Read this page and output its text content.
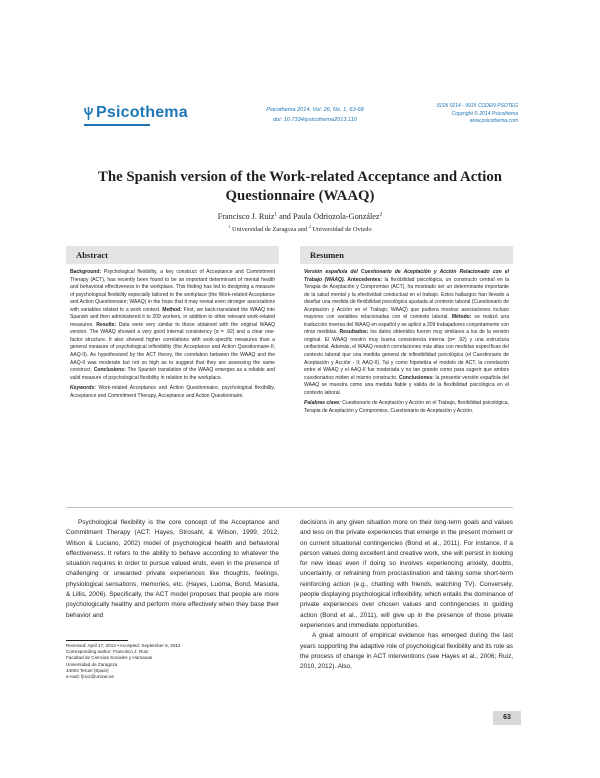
Psicothema	Psicothema 2014, Vol. 26, No. 1, 63-68
doi: 10.7334/psicothema2013.110
ISSN 0214 - 9915 CODEN PSOTEG
Copyright © 2014 Psicothema
www.psicothema.com
The Spanish version of the Work-related Acceptance and Action Questionnaire (WAAQ)
Francisco J. Ruiz$^1$ and Paula Odriozola-González$^2$
$^1$ Universidad de Zaragoza and $^2$ Universidad de Oviedo
Abstract

Background: Psychological flexibility, a key construct of Acceptance and Commitment Therapy (ACT), has recently been found to be an important determinant of mental health and behavioral effectiveness in the workplace. This finding has led to designing a measure of psychological flexibility especially tailored to the workplace (the Work-related Acceptance and Action Questionnaire; WAAQ) in the hope that it may reveal even stronger associations with variables related to a work context. Method: First, we back-translated the WAAQ into Spanish and then administered it to 209 workers, in addition to other relevant work-related measures. Results: Data were very similar to those obtained with the original WAAQ version. The WAAQ showed a very good internal consistency (α = .92) and a clear one-factor structure. It also showed higher correlations with work-specific measures than a general measure of psychological inflexibility (the Acceptance and Action Questionnaire-II; AAQ-II). As hypothesized by the ACT theory, the correlation between the WAAQ and the AAQ-II was moderate but not so high as to suggest that they are assessing the same construct. Conclusions: The Spanish translation of the WAAQ emerges as a reliable and valid measure of psychological flexibility in relation to the workplace.

Keywords: Work-related Acceptance and Action Questionnaire, psychological flexibility, Acceptance and Commitment Therapy, Acceptance and Action Questionnaire.

Resumen

Versión española del Cuestionario de Aceptación y Acción Relacionado con el Trabajo (WAAQ). Antecedentes: la flexibilidad psicológica, un constructo central en la Terapia de Aceptación y Compromiso (ACT), ha mostrado ser un determinante importante de la salud mental y la efectividad conductual en el trabajo. Estos hallazgos han llevado a diseñar una medida de flexibilidad psicológica ajustada al contexto laboral (Cuestionario de Aceptación y Acción en el Trabajo; WAAQ) que pudiera mostrar asociaciones incluso mayores con variables relacionadas con el contexto laboral. Método: se realizó una traducción inversa del WAAQ en español y se aplicó a 209 trabajadores conjuntamente con otras medidas. Resultados: los datos obtenidos fueron muy similares a los de la versión original. El WAAQ mostró muy buena consistencia interna (α= .92) y una estructura unifactorial. Además, el WAAQ mostró correlaciones más altas con medidas específicas del contexto laboral que una medida general de inflexibilidad psicológica (el Cuestionario de Aceptación y Acción - II; AAQ-II). Tal y como hipotetiza el modelo de ACT, la correlación entre el WAAQ y el AAQ-II fue moderada y no tan grande como para sugerir que ambos cuestionarios miden el mismo constructo. Conclusiones: la presente versión española del WAAQ se muestra como una medida fiable y válida de la flexibilidad psicológica en el contexto laboral.

Palabras clave: Cuestionario de Aceptación y Acción en el Trabajo, flexibilidad psicológica, Terapia de Aceptación y Compromiso, Cuestionario de Aceptación y Acción.

Psychological flexibility is the core concept of the Acceptance and Commitment Therapy (ACT; Hayes, Strosahl, & Wilson, 1999, 2012; Wilson & Luciano, 2002) model of psychological health and behavioral effectiveness. It refers to the ability to behave according to whatever the situation requires in order to pursue valued ends, even in the presence of challenging or unwanted private experiences like thoughts, feelings, physiological sensations, memories, etc. (Hayes, Luoma, Bond, Masuda, & Lillis, 2006). Specifically, the ACT model proposes that people are more psychologically healthy and perform more effectively when they base their behavior and

decisions in any given situation more on their long-term goals and values and less on the private experiences that emerge in the present moment or on current situational contingencies (Bond et al., 2011). For instance, if a person values doing excellent and creative work, she will persist in looking for new ideas even if doing so involves experiencing anxiety, doubts, uncertainty, or refraining from procrastination and taking some short-term reinforcing action (e.g., chatting with friends, watching TV). Conversely, people displaying psychological inflexibility, which entails the dominance of private experiences over chosen values and contingencies in guiding action (Bond et al., 2011), will give up in the presence of those private experiences and immediate opportunities.

A great amount of empirical evidence has emerged during the last years supporting the adaptive role of psychological flexibility and its role as the process of change in ACT interventions (see Hayes et al., 2006; Ruiz, 2010, 2012). Also,

Received: April 17, 2013 • Accepted: September 6, 2013
Corresponding author: Francisco J. Ruiz
Facultad de Ciencias Sociales y Humanas
Universidad de Zaragoza
44003 Teruel (Spain)
e-mail: fjruiz@unizar.es
63
